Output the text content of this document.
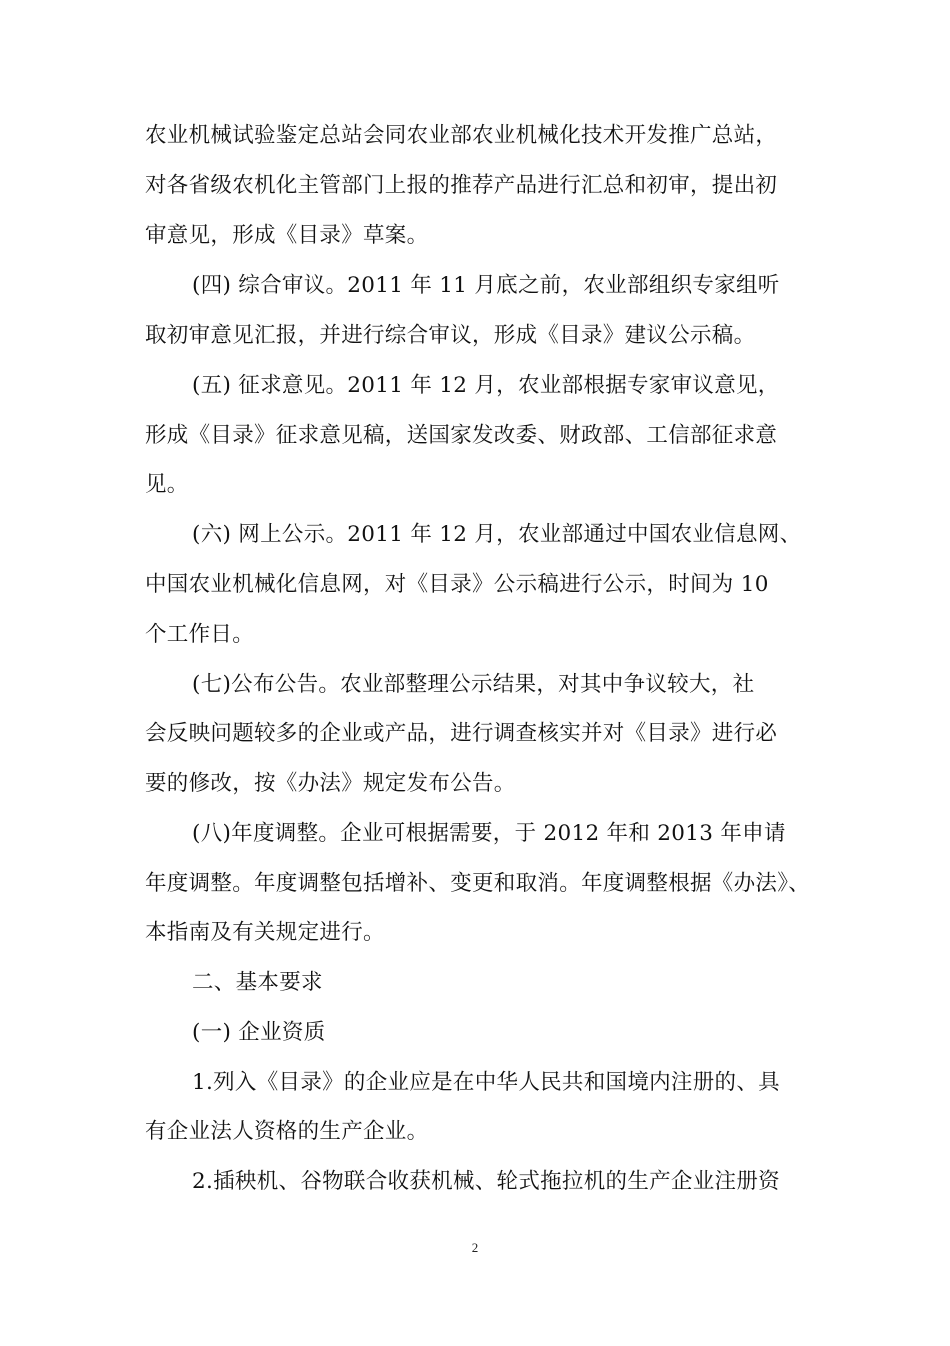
农业机械试验鉴定总站会同农业部农业机械化技术开发推广总站，
对各省级农机化主管部门上报的推荐产品进行汇总和初审，提出初
审意见，形成《目录》草案。
(四) 综合审议。2011 年 11 月底之前，农业部组织专家组听
取初审意见汇报，并进行综合审议，形成《目录》建议公示稿。
(五) 征求意见。2011 年 12 月，农业部根据专家审议意见，
形成《目录》征求意见稿，送国家发改委、财政部、工信部征求意
见。
(六) 网上公示。2011 年 12 月，农业部通过中国农业信息网、
中国农业机械化信息网，对《目录》公示稿进行公示，时间为 10
个工作日。
(七)公布公告。农业部整理公示结果，对其中争议较大，社
会反映问题较多的企业或产品，进行调查核实并对《目录》进行必
要的修改，按《办法》规定发布公告。
(八)年度调整。企业可根据需要，于 2012 年和 2013 年申请
年度调整。年度调整包括增补、变更和取消。年度调整根据《办法》、
本指南及有关规定进行。
二、基本要求
(一) 企业资质
1.列入《目录》的企业应是在中华人民共和国境内注册的、具
有企业法人资格的生产企业。
2.插秧机、谷物联合收获机械、轮式拖拉机的生产企业注册资
2
